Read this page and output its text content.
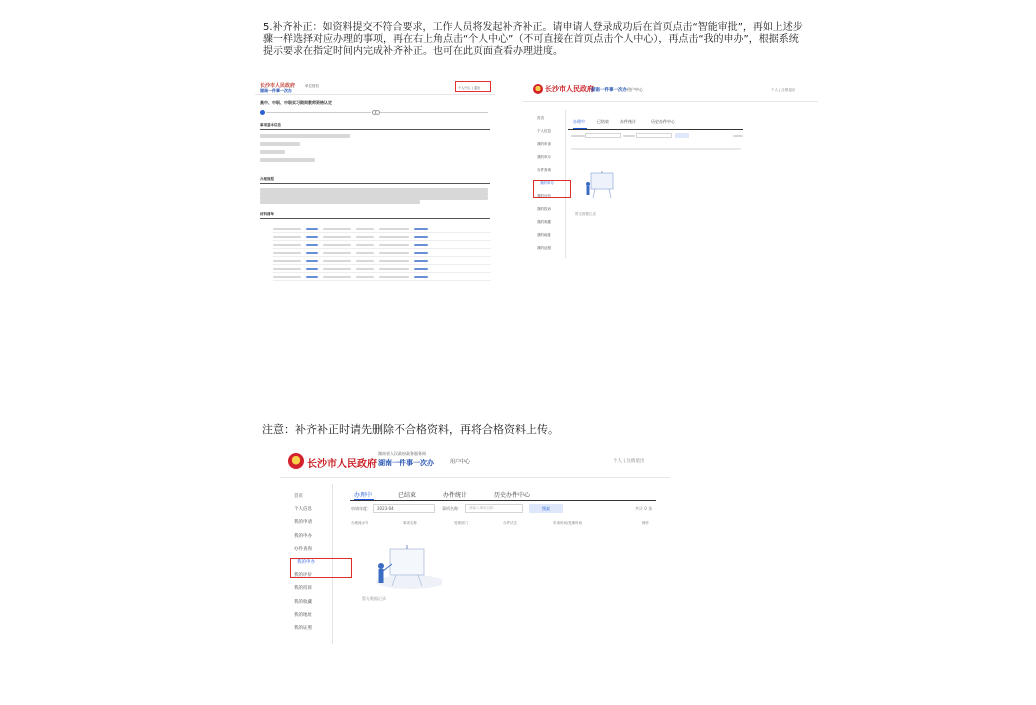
5.补齐补正：如资料提交不符合要求，工作人员将发起补齐补正。请申请人登录成功后在首页点击“智能审批”，再如上述步骤一样选择对应办理的事项，再在右上角点击“个人中心”（不可直接在首页点击个人中心），再点击“我的申办”，根据系统提示要求在指定时间内完成补齐补正。也可在此页面查看办理进度。
长沙市人民政府
湖南一件事一次办
单位授权	个人中心 | 退出
高中、中职、中职实习期间教师资格认定
事项基本信息
办理流程
材料清单
长沙市人民政府
湖南一件事一次办 用户中心	个人 | 注销退出
首页
个人信息
我的申请
我的申办
办件查询
我的申办
我的评价
我的投诉
我的收藏
我的地址
我的证照
办理中	已结束	办件统计	历史办件中心
暂无数据记录
注意：补齐补正时请先删除不合格资料，再将合格资料上传。
长沙市人民政府
湖南省人民政府政务服务网
湖南一件事一次办	用户中心	个人 | 注销退出
首页
个人信息
我的申请
我的申办
办件查询
我的申办
我的评价
我的投诉
我的收藏
我的地址
我的证照
办理中	已结束	办件统计	历史办件中心
申请年度：	2023-04	事项名称：	请输入事项名称	搜索	共计 0 条
办理流水号	事项名称	受理部门	办件状态	申请时间/受理时间	操作
暂无数据记录
